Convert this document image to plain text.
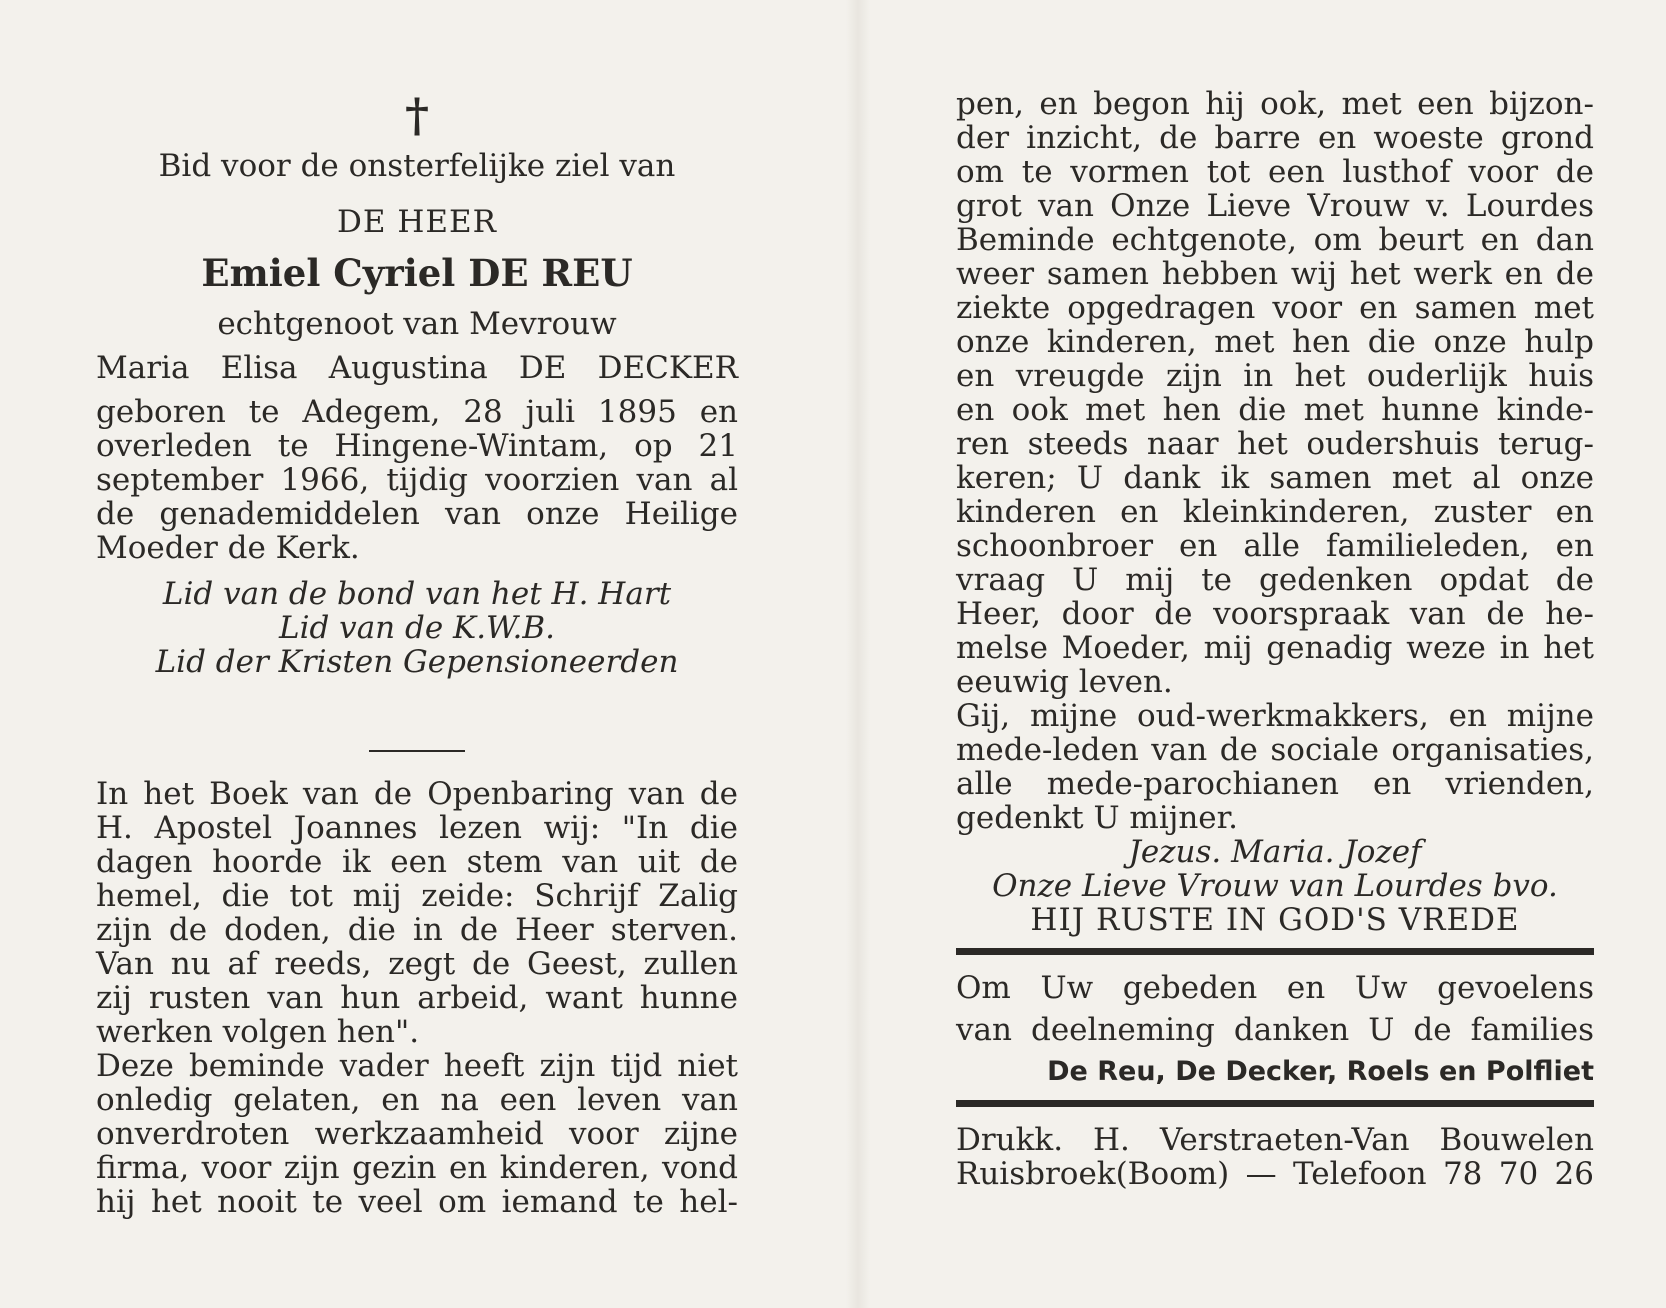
†
Bid voor de onsterfelijke ziel van
DE HEER
Emiel Cyriel DE REU
echtgenoot van Mevrouw
Maria Elisa Augustina DE DECKER
geboren te Adegem, 28 juli 1895 en
overleden te Hingene-Wintam, op 21
september 1966, tijdig voorzien van al
de genademiddelen van onze Heilige
Moeder de Kerk.
Lid van de bond van het H. Hart
Lid van de K.W.B.
Lid der Kristen Gepensioneerden
In het Boek van de Openbaring van de
H. Apostel Joannes lezen wij: "In die
dagen hoorde ik een stem van uit de
hemel, die tot mij zeide: Schrijf Zalig
zijn de doden, die in de Heer sterven.
Van nu af reeds, zegt de Geest, zullen
zij rusten van hun arbeid, want hunne
werken volgen hen".
Deze beminde vader heeft zijn tijd niet
onledig gelaten, en na een leven van
onverdroten werkzaamheid voor zijne
firma, voor zijn gezin en kinderen, vond
hij het nooit te veel om iemand te hel-
pen, en begon hij ook, met een bijzon-
der inzicht, de barre en woeste grond
om te vormen tot een lusthof voor de
grot van Onze Lieve Vrouw v. Lourdes
Beminde echtgenote, om beurt en dan
weer samen hebben wij het werk en de
ziekte opgedragen voor en samen met
onze kinderen, met hen die onze hulp
en vreugde zijn in het ouderlijk huis
en ook met hen die met hunne kinde-
ren steeds naar het oudershuis terug-
keren; U dank ik samen met al onze
kinderen en kleinkinderen, zuster en
schoonbroer en alle familieleden, en
vraag U mij te gedenken opdat de
Heer, door de voorspraak van de he-
melse Moeder, mij genadig weze in het
eeuwig leven.
Gij, mijne oud-werkmakkers, en mijne
mede-leden van de sociale organisaties,
alle mede-parochianen en vrienden,
gedenkt U mijner.
Jezus. Maria. Jozef
Onze Lieve Vrouw van Lourdes bvo.
HIJ RUSTE IN GOD'S VREDE
Om Uw gebeden en Uw gevoelens
van deelneming danken U de families
De Reu, De Decker, Roels en Polfliet
Drukk. H. Verstraeten-Van Bouwelen
Ruisbroek(Boom) — Telefoon 78 70 26
